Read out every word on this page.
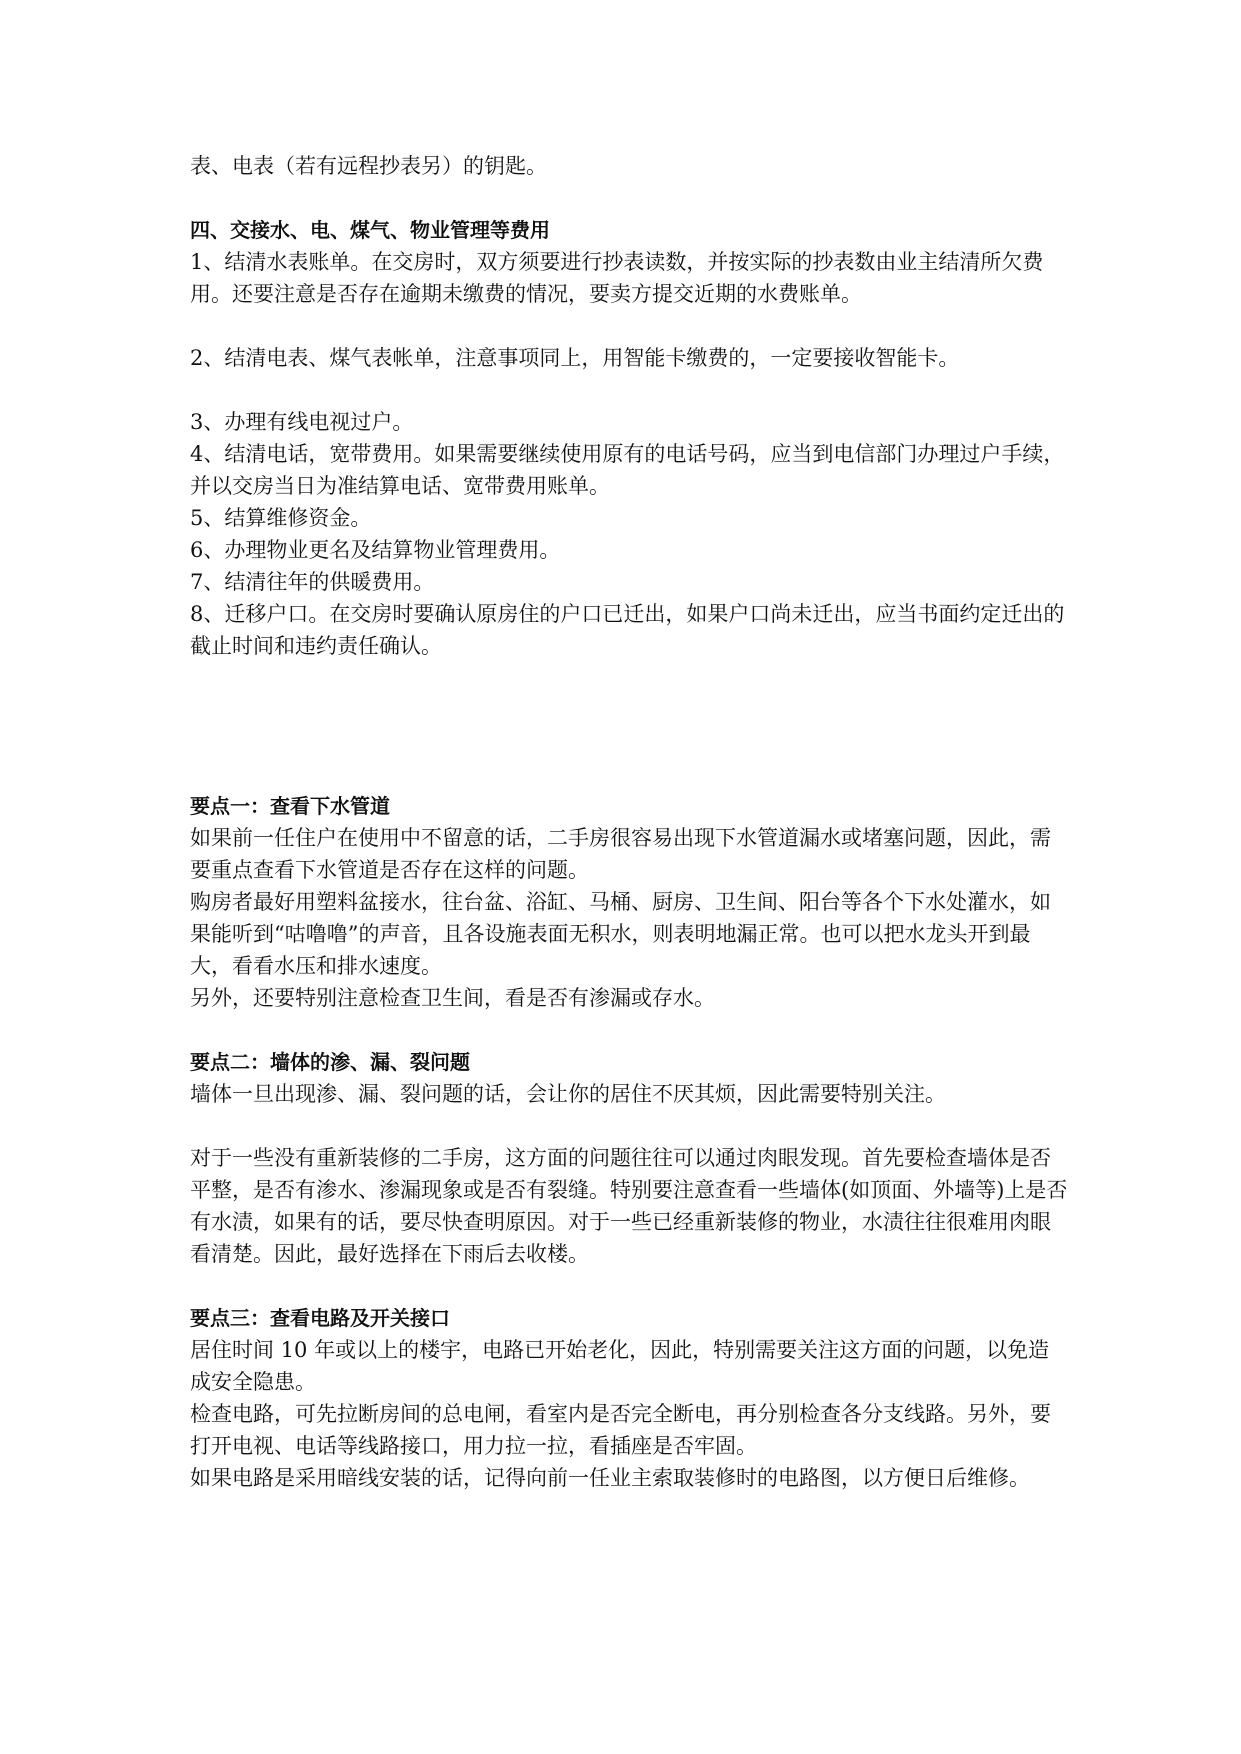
表、电表（若有远程抄表另）的钥匙。

四、交接水、电、煤气、物业管理等费用

1、结清水表账单。在交房时，双方须要进行抄表读数，并按实际的抄表数由业主结清所欠费用。还要注意是否存在逾期未缴费的情况，要卖方提交近期的水费账单。

2、结清电表、煤气表帐单，注意事项同上，用智能卡缴费的，一定要接收智能卡。

3、办理有线电视过户。

4、结清电话，宽带费用。如果需要继续使用原有的电话号码，应当到电信部门办理过户手续，并以交房当日为准结算电话、宽带费用账单。

5、结算维修资金。

6、办理物业更名及结算物业管理费用。

7、结清往年的供暖费用。

8、迁移户口。在交房时要确认原房住的户口已迁出，如果户口尚未迁出，应当书面约定迁出的截止时间和违约责任确认。

要点一：查看下水管道

如果前一任住户在使用中不留意的话，二手房很容易出现下水管道漏水或堵塞问题，因此，需要重点查看下水管道是否存在这样的问题。

购房者最好用塑料盆接水，往台盆、浴缸、马桶、厨房、卫生间、阳台等各个下水处灌水，如果能听到“咕噜噜”的声音，且各设施表面无积水，则表明地漏正常。也可以把水龙头开到最大，看看水压和排水速度。

另外，还要特别注意检查卫生间，看是否有渗漏或存水。

要点二：墙体的渗、漏、裂问题

墙体一旦出现渗、漏、裂问题的话，会让你的居住不厌其烦，因此需要特别关注。

对于一些没有重新装修的二手房，这方面的问题往往可以通过肉眼发现。首先要检查墙体是否平整，是否有渗水、渗漏现象或是否有裂缝。特别要注意查看一些墙体(如顶面、外墙等)上是否有水渍，如果有的话，要尽快查明原因。对于一些已经重新装修的物业，水渍往往很难用肉眼看清楚。因此，最好选择在下雨后去收楼。

要点三：查看电路及开关接口

居住时间 10 年或以上的楼宇，电路已开始老化，因此，特别需要关注这方面的问题，以免造成安全隐患。

检查电路，可先拉断房间的总电闸，看室内是否完全断电，再分别检查各分支线路。另外，要打开电视、电话等线路接口，用力拉一拉，看插座是否牢固。

如果电路是采用暗线安装的话，记得向前一任业主索取装修时的电路图，以方便日后维修。
